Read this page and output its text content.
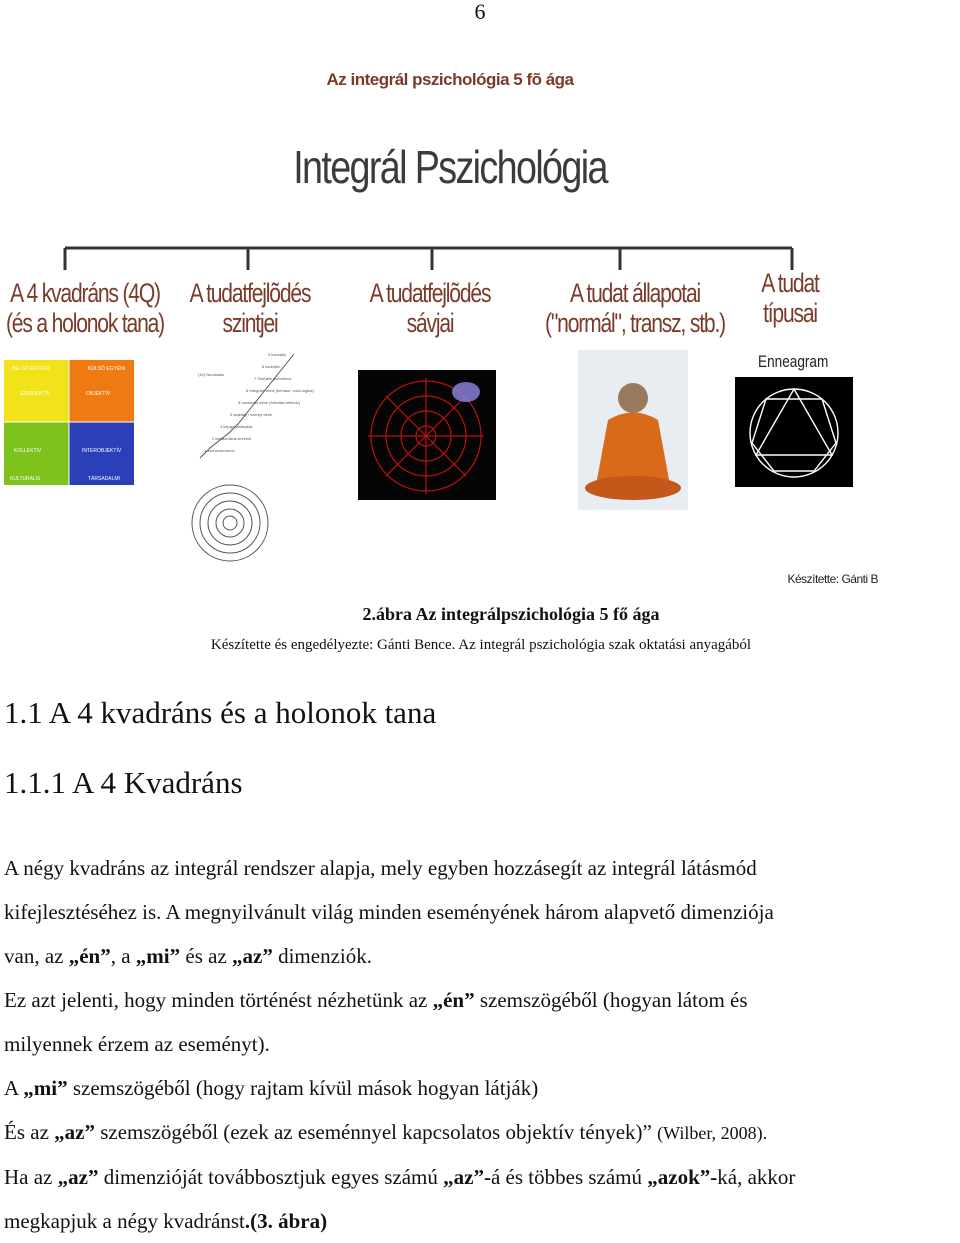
6
Az integrál pszichológia 5 fõ ága
Integrál Pszichológia
A 4 kvadráns (4Q)
(és a holonok tana)
A tudatfejlõdés
szintjei
A tudatfejlõdés
sávjai
A tudat állapotai
("normál", transz, stb.)
A tudat
típusai
BELSŐ EGYÉNI
SZUBJEKTÍV
KÜLSŐ EGYÉNI
OBJEKTÍV
KOLLEKTÍV	INTEROBJEKTÍV
KULTURÁLIS	TÁRSADALMI
5 kauzális
8 szubtilis
7 Globális pszichikus
6 Integráló elme (kentaur, vízió-logika)
5 racionális elme (formális-reflexív)
4 szabály / szerep elme
3 képgondolkodás
2 fantazmikus-érzelmi
1 szenzomotoros
(10) Nondualis
Enneagram
Készítette: Gánti B
2.ábra Az integrálpszichológia 5 fő ága
Készítette és engedélyezte: Gánti Bence. Az integrál pszichológia szak oktatási anyagából
1.1 A 4 kvadráns és a holonok tana
1.1.1 A 4 Kvadráns

A négy kvadráns az integrál rendszer alapja, mely egyben hozzásegít az integrál látásmód

kifejlesztéséhez is. A megnyilvánult világ minden eseményének három alapvető dimenziója

van, az „én”, a „mi” és az „az” dimenziók.

Ez azt jelenti, hogy minden történést nézhetünk az „én” szemszögéből (hogyan látom és

milyennek érzem az eseményt).

A „mi” szemszögéből (hogy rajtam kívül mások hogyan látják)

És az „az” szemszögéből (ezek az eseménnyel kapcsolatos objektív tények)” (Wilber, 2008).

Ha az „az” dimenzióját továbbosztjuk egyes számú „az”-á és többes számú „azok”-ká, akkor

megkapjuk a négy kvadránst.(3. ábra)
